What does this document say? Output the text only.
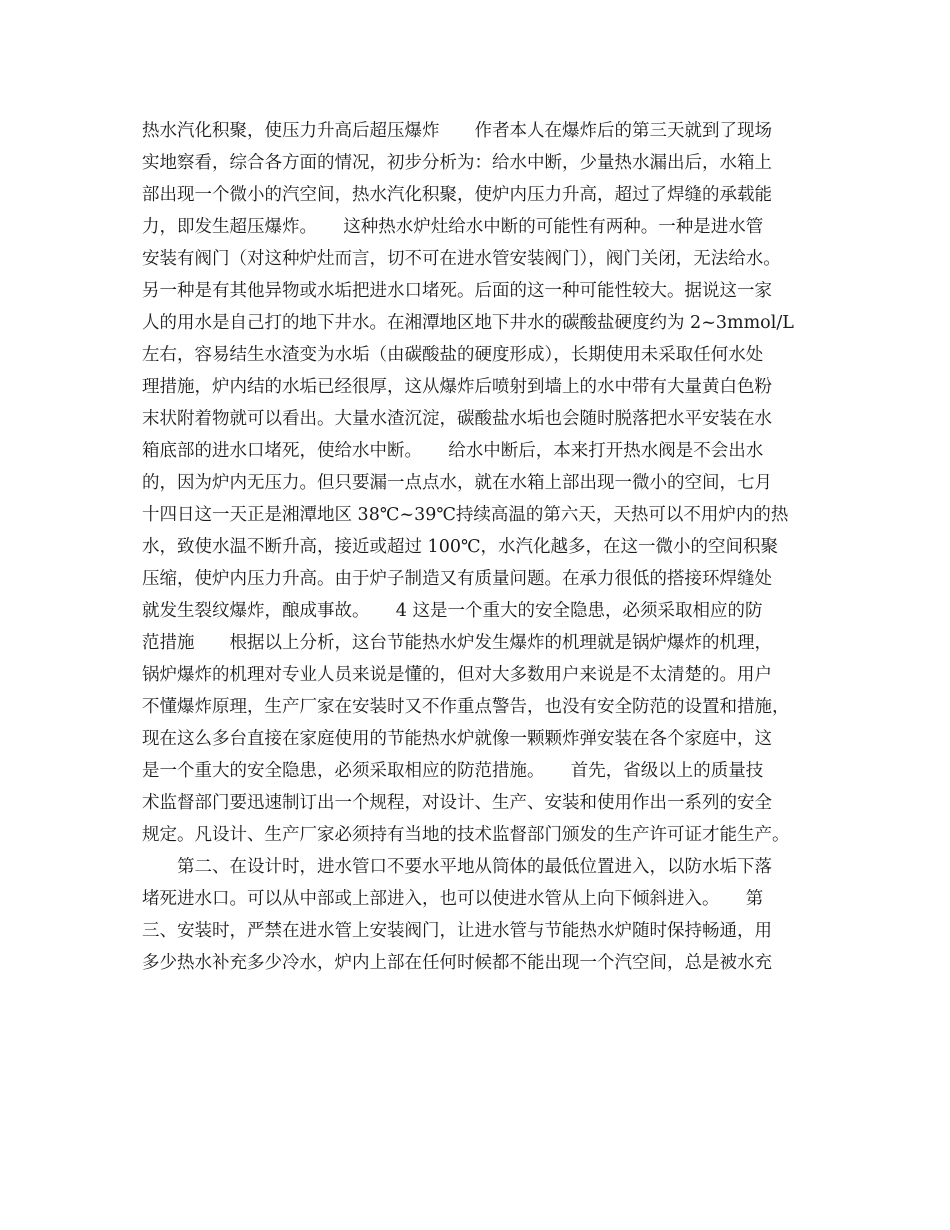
热水汽化积聚，使压力升高后超压爆炸　　作者本人在爆炸后的第三天就到了现场
实地察看，综合各方面的情况，初步分析为：给水中断，少量热水漏出后，水箱上
部出现一个微小的汽空间，热水汽化积聚，使炉内压力升高，超过了焊缝的承载能
力，即发生超压爆炸。　　这种热水炉灶给水中断的可能性有两种。一种是进水管
安装有阀门（对这种炉灶而言，切不可在进水管安装阀门），阀门关闭，无法给水。
另一种是有其他异物或水垢把进水口堵死。后面的这一种可能性较大。据说这一家
人的用水是自己打的地下井水。在湘潭地区地下井水的碳酸盐硬度约为 2~3mmol/L
左右，容易结生水渣变为水垢（由碳酸盐的硬度形成），长期使用未采取任何水处
理措施，炉内结的水垢已经很厚，这从爆炸后喷射到墙上的水中带有大量黄白色粉
末状附着物就可以看出。大量水渣沉淀，碳酸盐水垢也会随时脱落把水平安装在水
箱底部的进水口堵死，使给水中断。　　给水中断后，本来打开热水阀是不会出水
的，因为炉内无压力。但只要漏一点点水，就在水箱上部出现一微小的空间，七月
十四日这一天正是湘潭地区 38℃~39℃持续高温的第六天，天热可以不用炉内的热
水，致使水温不断升高，接近或超过 100℃，水汽化越多，在这一微小的空间积聚
压缩，使炉内压力升高。由于炉子制造又有质量问题。在承力很低的搭接环焊缝处
就发生裂纹爆炸，酿成事故。　　4 这是一个重大的安全隐患，必须采取相应的防
范措施　　根据以上分析，这台节能热水炉发生爆炸的机理就是锅炉爆炸的机理，
锅炉爆炸的机理对专业人员来说是懂的，但对大多数用户来说是不太清楚的。用户
不懂爆炸原理，生产厂家在安装时又不作重点警告，也没有安全防范的设置和措施，
现在这么多台直接在家庭使用的节能热水炉就像一颗颗炸弹安装在各个家庭中，这
是一个重大的安全隐患，必须采取相应的防范措施。　　首先，省级以上的质量技
术监督部门要迅速制订出一个规程，对设计、生产、安装和使用作出一系列的安全
规定。凡设计、生产厂家必须持有当地的技术监督部门颁发的生产许可证才能生产。
　　第二、在设计时，进水管口不要水平地从筒体的最低位置进入，以防水垢下落
堵死进水口。可以从中部或上部进入，也可以使进水管从上向下倾斜进入。　　第
三、安装时，严禁在进水管上安装阀门，让进水管与节能热水炉随时保持畅通，用
多少热水补充多少冷水，炉内上部在任何时候都不能出现一个汽空间，总是被水充
